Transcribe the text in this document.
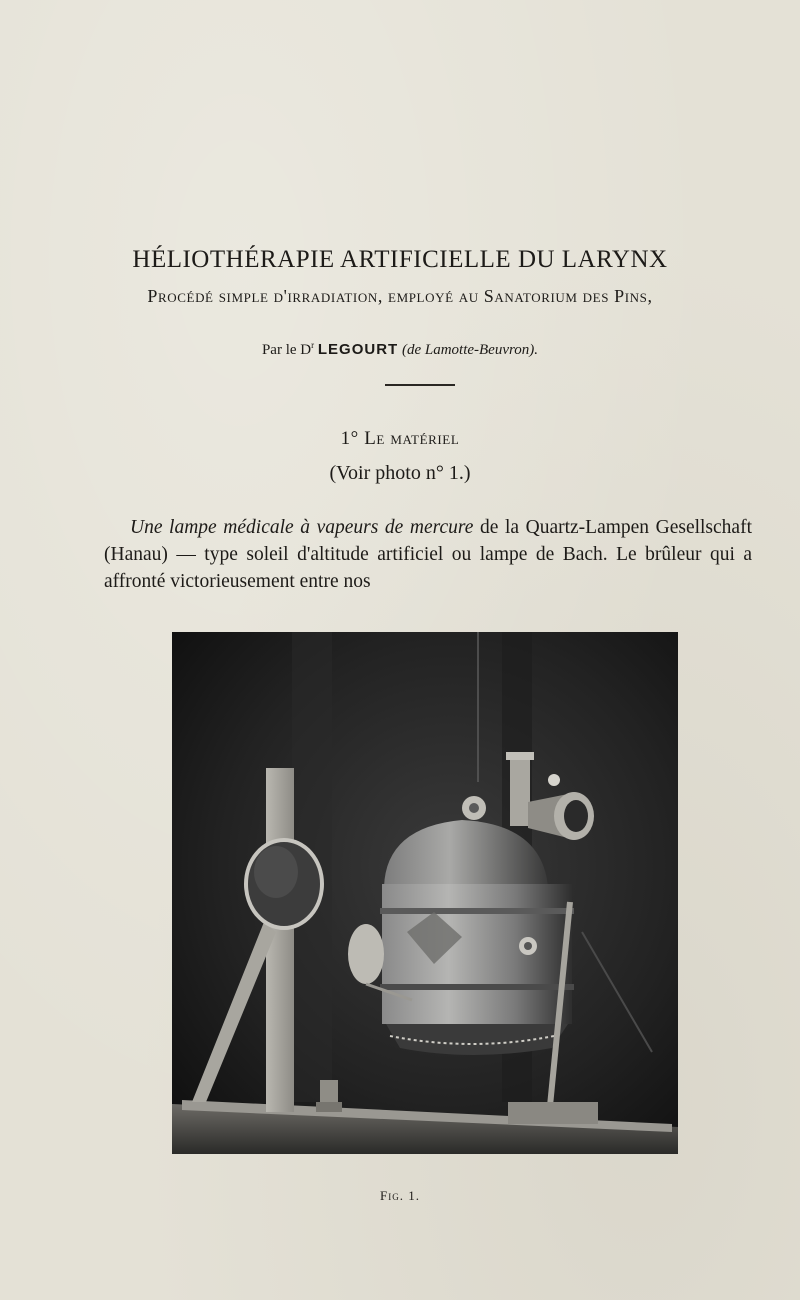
HÉLIOTHÉRAPIE ARTIFICIELLE DU LARYNX
Procédé simple d'irradiation, employé au Sanatorium des Pins,
Par le $D^r$ LEGOURT (de Lamotte-Beuvron).
1° Le matériel
(Voir photo n° 1.)
Une lampe médicale à vapeurs de mercure de la Quartz-Lampen Gesellschaft (Hanau) — type soleil d'altitude artificiel ou lampe de Bach. Le brûleur qui a affronté victorieusement entre nos
Fig. 1.
